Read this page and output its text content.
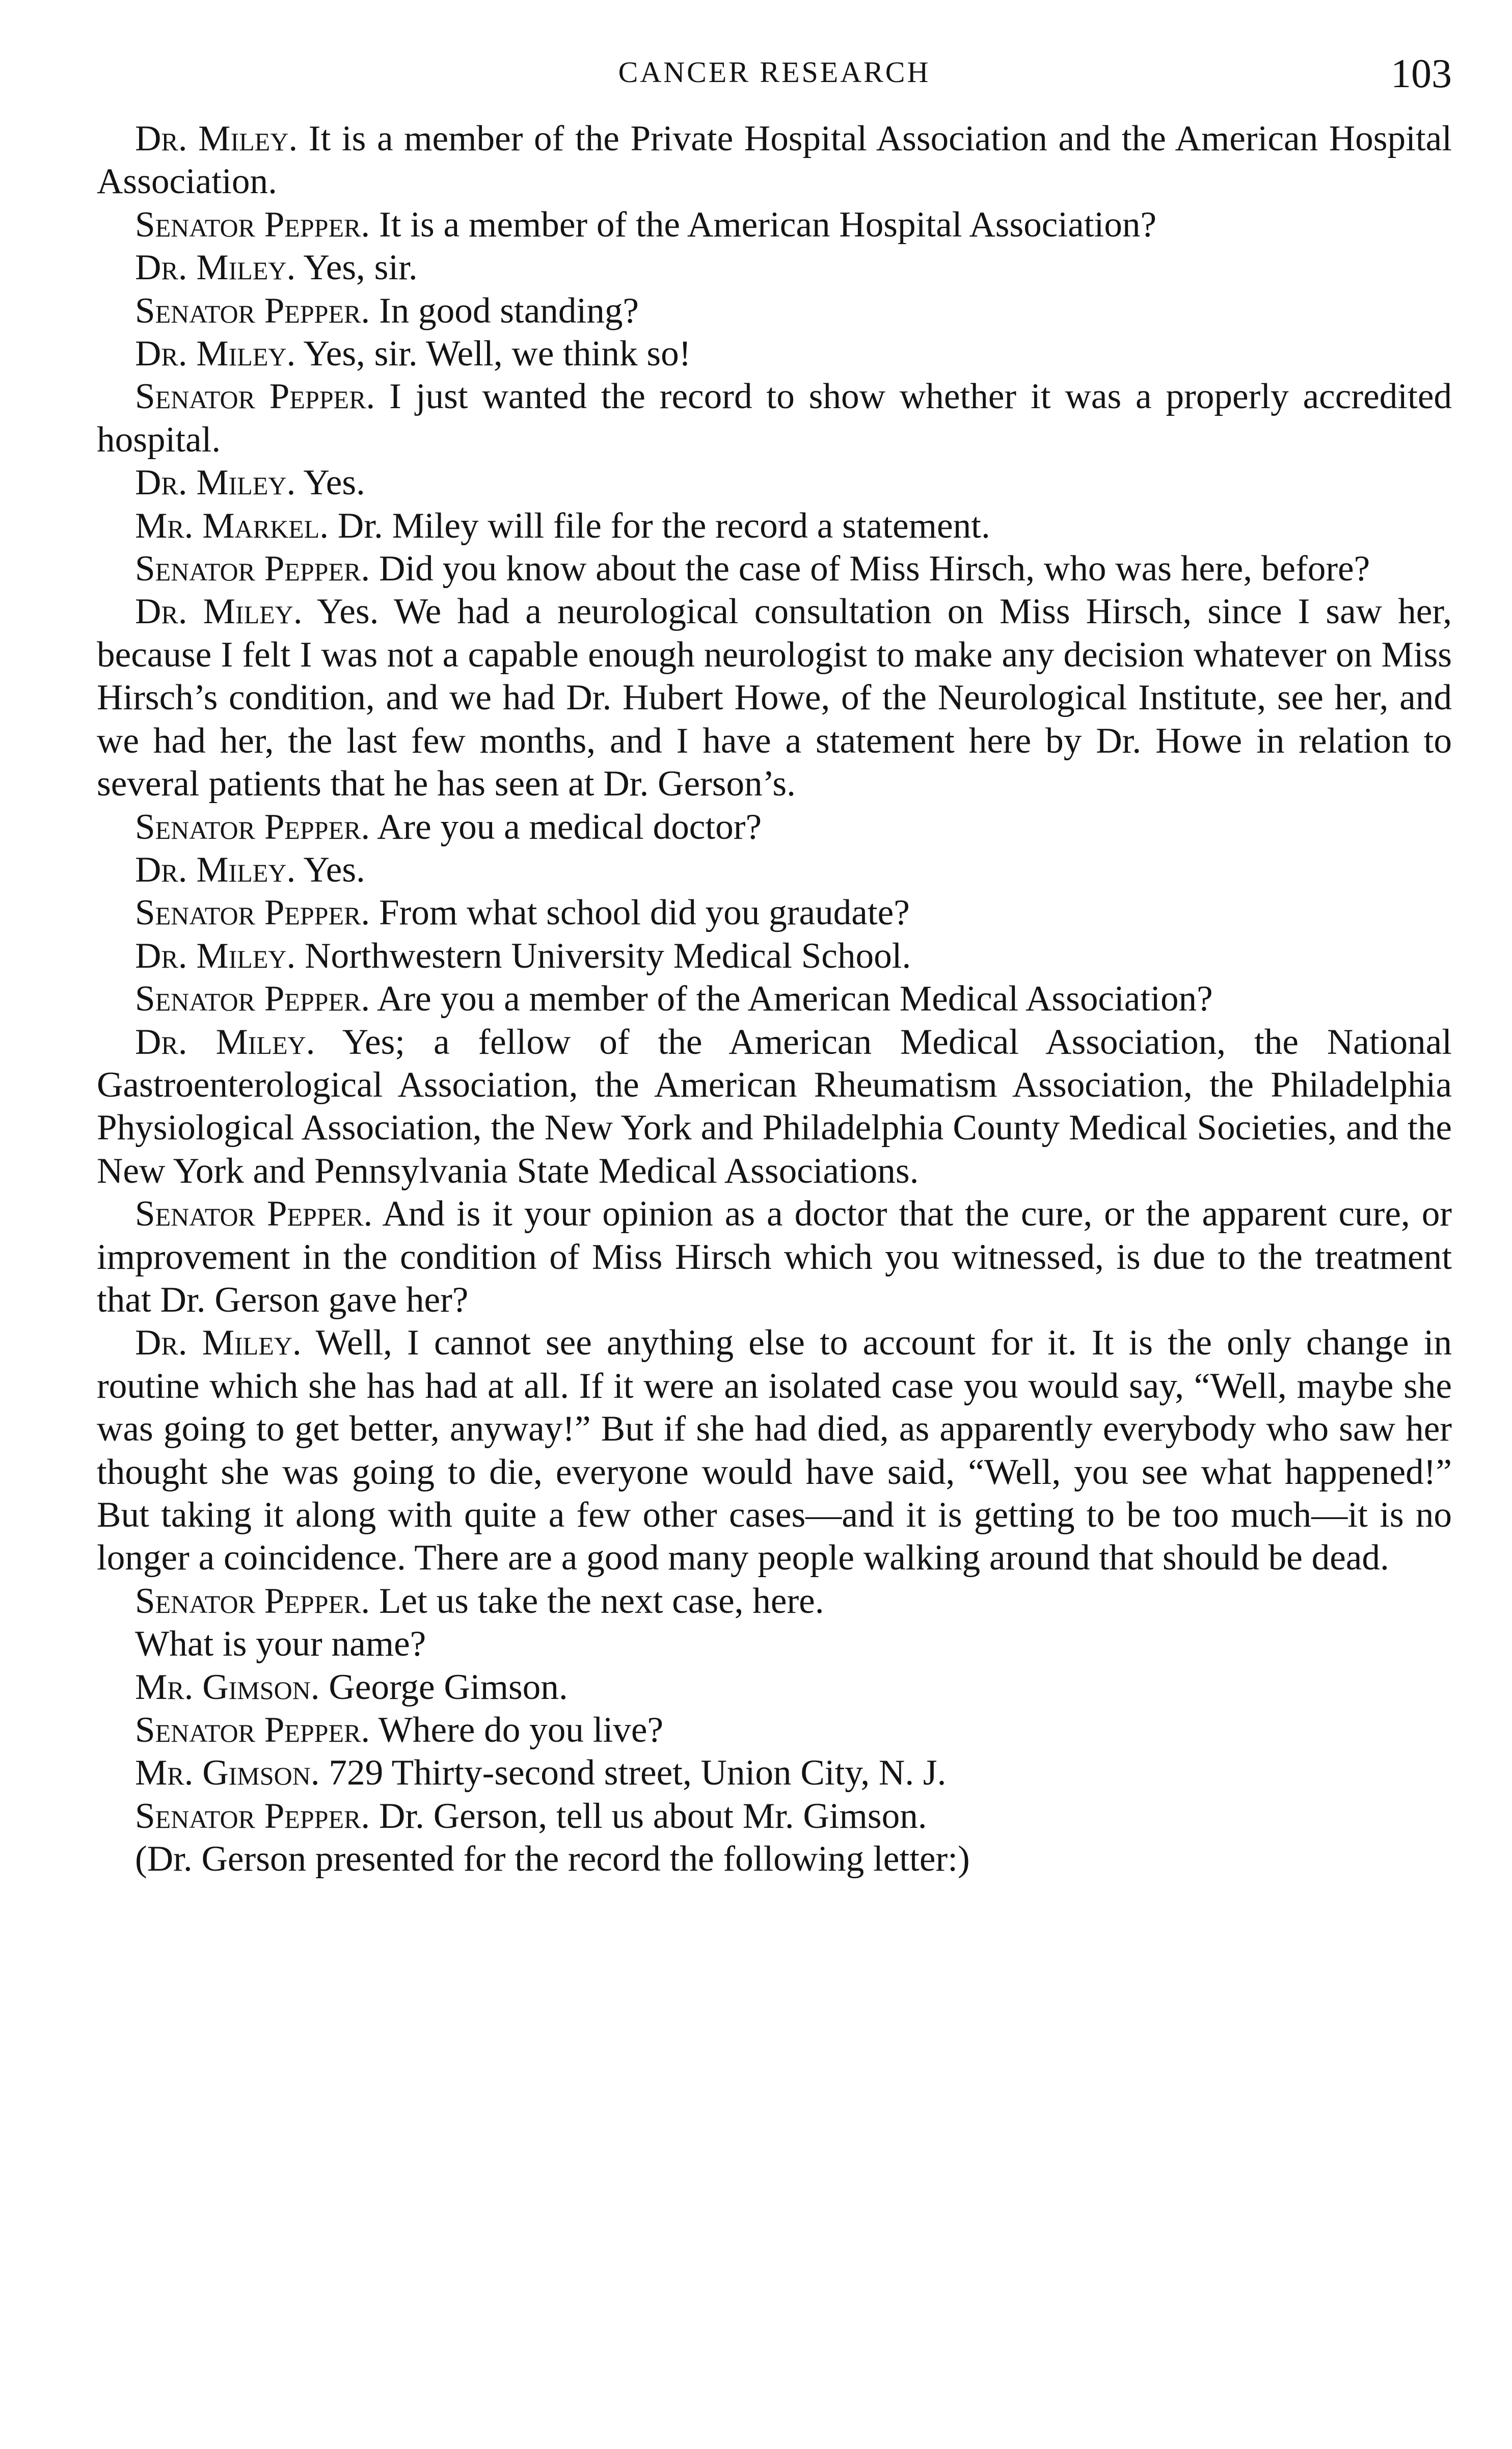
CANCER RESEARCH	103

Dr. Miley. It is a member of the Private Hospital Association and the American Hospital Association.

Senator Pepper. It is a member of the American Hospital Association?

Dr. Miley. Yes, sir.

Senator Pepper. In good standing?

Dr. Miley. Yes, sir. Well, we think so!

Senator Pepper. I just wanted the record to show whether it was a properly accredited hospital.

Dr. Miley. Yes.

Mr. Markel. Dr. Miley will file for the record a statement.

Senator Pepper. Did you know about the case of Miss Hirsch, who was here, before?

Dr. Miley. Yes. We had a neurological consultation on Miss Hirsch, since I saw her, because I felt I was not a capable enough neurologist to make any decision whatever on Miss Hirsch’s condition, and we had Dr. Hubert Howe, of the Neurological Institute, see her, and we had her, the last few months, and I have a statement here by Dr. Howe in relation to several patients that he has seen at Dr. Gerson’s.

Senator Pepper. Are you a medical doctor?

Dr. Miley. Yes.

Senator Pepper. From what school did you graudate?

Dr. Miley. Northwestern University Medical School.

Senator Pepper. Are you a member of the American Medical Association?

Dr. Miley. Yes; a fellow of the American Medical Association, the National Gastroenterological Association, the American Rheumatism Association, the Philadelphia Physiological Association, the New York and Philadelphia County Medical Societies, and the New York and Pennsylvania State Medical Associations.

Senator Pepper. And is it your opinion as a doctor that the cure, or the apparent cure, or improvement in the condition of Miss Hirsch which you witnessed, is due to the treatment that Dr. Gerson gave her?

Dr. Miley. Well, I cannot see anything else to account for it. It is the only change in routine which she has had at all. If it were an isolated case you would say, “Well, maybe she was going to get better, anyway!” But if she had died, as apparently everybody who saw her thought she was going to die, everyone would have said, “Well, you see what happened!” But taking it along with quite a few other cases—and it is getting to be too much—it is no longer a coincidence. There are a good many people walking around that should be dead.

Senator Pepper. Let us take the next case, here.

What is your name?

Mr. Gimson. George Gimson.

Senator Pepper. Where do you live?

Mr. Gimson. 729 Thirty-second street, Union City, N. J.

Senator Pepper. Dr. Gerson, tell us about Mr. Gimson.

(Dr. Gerson presented for the record the following letter:)
